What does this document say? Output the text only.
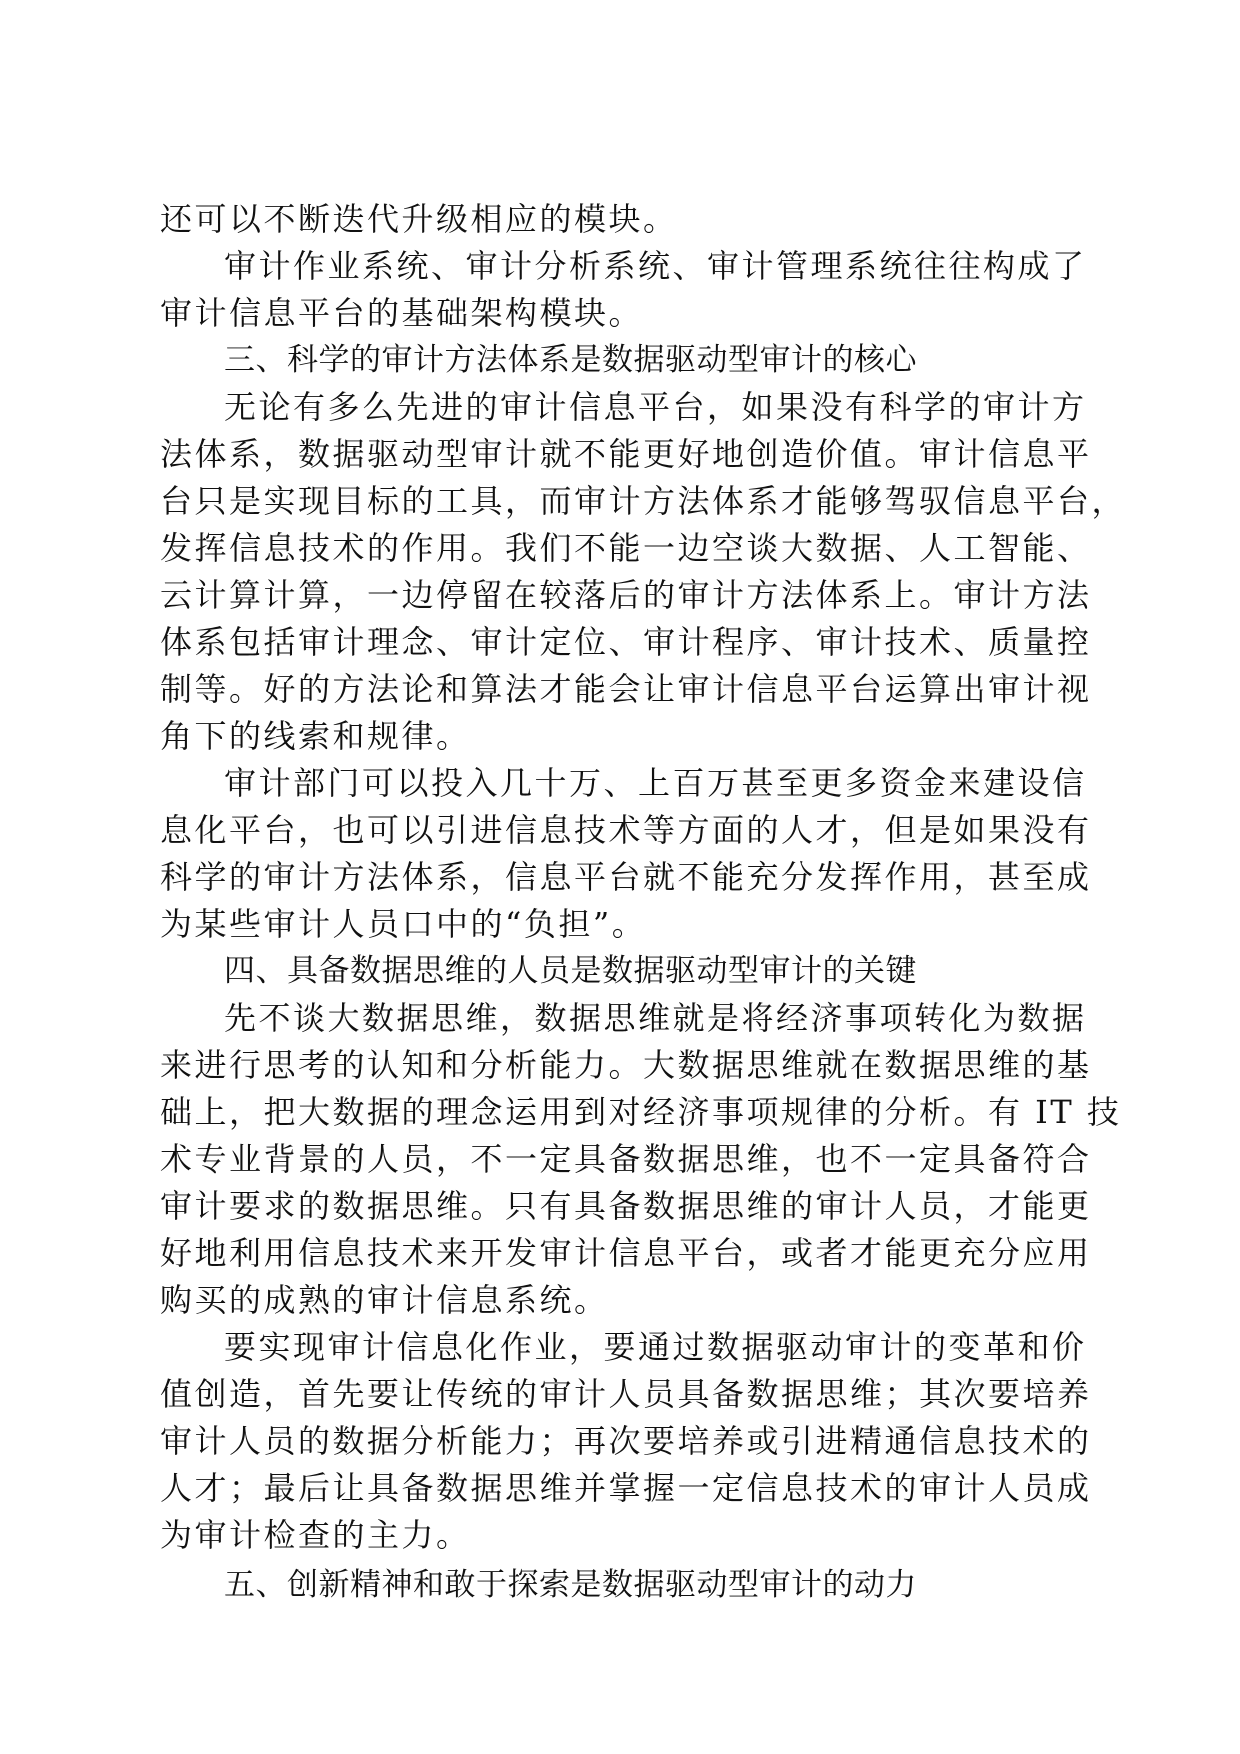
还可以不断迭代升级相应的模块。
审计作业系统、审计分析系统、审计管理系统往往构成了
审计信息平台的基础架构模块。
三、科学的审计方法体系是数据驱动型审计的核心
无论有多么先进的审计信息平台，如果没有科学的审计方
法体系，数据驱动型审计就不能更好地创造价值。审计信息平
台只是实现目标的工具，而审计方法体系才能够驾驭信息平台，
发挥信息技术的作用。我们不能一边空谈大数据、人工智能、
云计算计算，一边停留在较落后的审计方法体系上。审计方法
体系包括审计理念、审计定位、审计程序、审计技术、质量控
制等。好的方法论和算法才能会让审计信息平台运算出审计视
角下的线索和规律。
审计部门可以投入几十万、上百万甚至更多资金来建设信
息化平台，也可以引进信息技术等方面的人才，但是如果没有
科学的审计方法体系，信息平台就不能充分发挥作用，甚至成
为某些审计人员口中的“负担”。
四、具备数据思维的人员是数据驱动型审计的关键
先不谈大数据思维，数据思维就是将经济事项转化为数据
来进行思考的认知和分析能力。大数据思维就在数据思维的基
础上，把大数据的理念运用到对经济事项规律的分析。有 IT 技
术专业背景的人员，不一定具备数据思维，也不一定具备符合
审计要求的数据思维。只有具备数据思维的审计人员，才能更
好地利用信息技术来开发审计信息平台，或者才能更充分应用
购买的成熟的审计信息系统。
要实现审计信息化作业，要通过数据驱动审计的变革和价
值创造，首先要让传统的审计人员具备数据思维；其次要培养
审计人员的数据分析能力；再次要培养或引进精通信息技术的
人才；最后让具备数据思维并掌握一定信息技术的审计人员成
为审计检查的主力。
五、创新精神和敢于探索是数据驱动型审计的动力
